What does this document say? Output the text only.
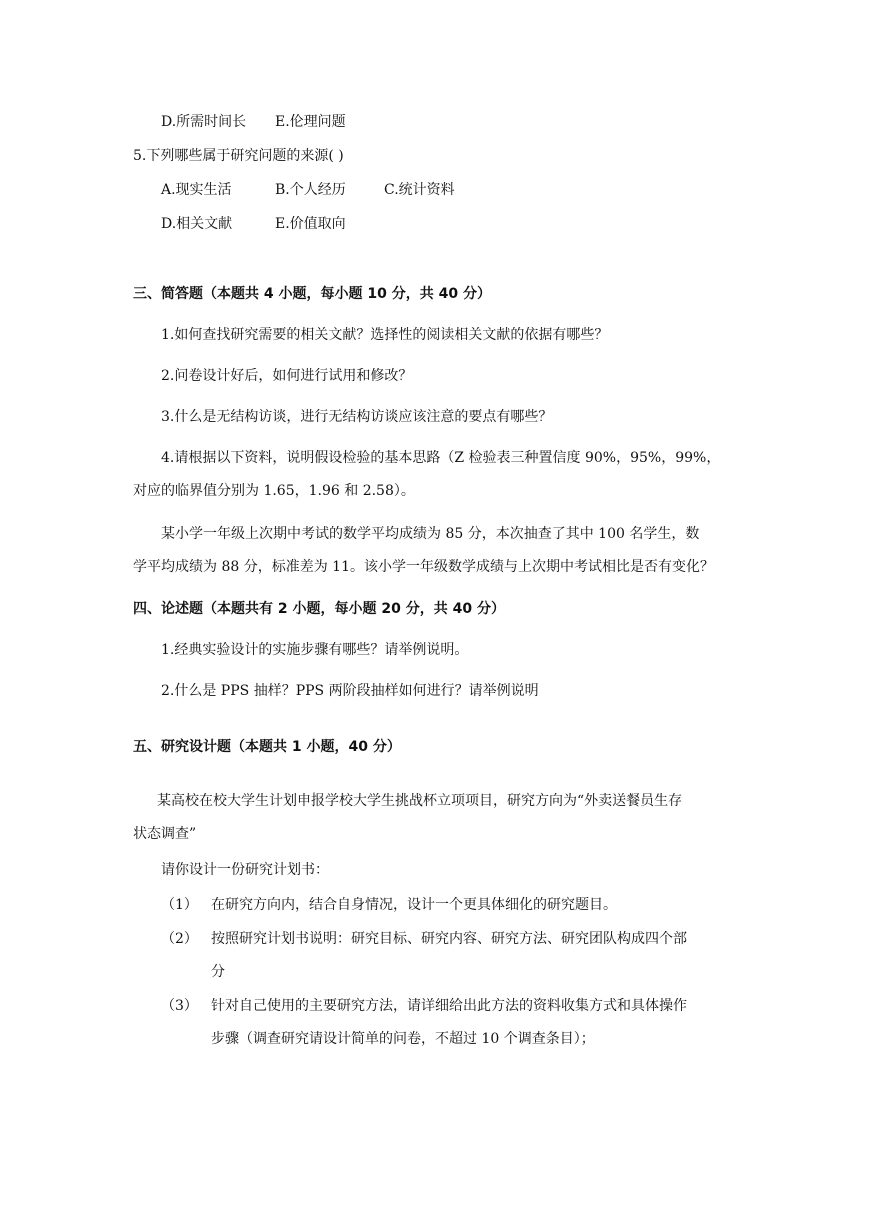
D.所需时间长 E.伦理问题
5.下列哪些属于研究问题的来源( )
A.现实生活	B.个人经历	C.统计资料
D.相关文献	E.价值取向
三、简答题（本题共 4 小题，每小题 10 分，共 40 分）
1.如何查找研究需要的相关文献？选择性的阅读相关文献的依据有哪些？
2.问卷设计好后，如何进行试用和修改？
3.什么是无结构访谈，进行无结构访谈应该注意的要点有哪些？
4.请根据以下资料，说明假设检验的基本思路（Z 检验表三种置信度 90%，95%，99%，
对应的临界值分别为 1.65，1.96 和 2.58）。
某小学一年级上次期中考试的数学平均成绩为 85 分，本次抽查了其中 100 名学生，数
学平均成绩为 88 分，标准差为 11。该小学一年级数学成绩与上次期中考试相比是否有变化？
四、论述题（本题共有 2 小题，每小题 20 分，共 40 分）
1.经典实验设计的实施步骤有哪些？请举例说明。
2.什么是 PPS 抽样？PPS 两阶段抽样如何进行？请举例说明
五、研究设计题（本题共 1 小题，40 分）
某高校在校大学生计划申报学校大学生挑战杯立项项目，研究方向为“外卖送餐员生存
状态调查”
请你设计一份研究计划书：
（1） 在研究方向内，结合自身情况，设计一个更具体细化的研究题目。
（2） 按照研究计划书说明：研究目标、研究内容、研究方法、研究团队构成四个部
分
（3） 针对自己使用的主要研究方法，请详细给出此方法的资料收集方式和具体操作
步骤（调查研究请设计简单的问卷，不超过 10 个调查条目）；
